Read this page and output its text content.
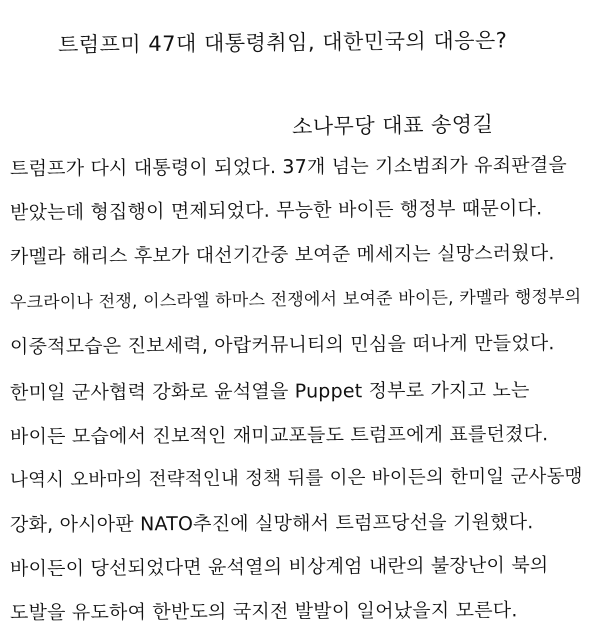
트럼프미 47대 대통령취임, 대한민국의 대응은?
소나무당 대표 송영길
트럼프가 다시 대통령이 되었다. 37개 넘는 기소범죄가 유죄판결을
받았는데 형집행이 면제되었다. 무능한 바이든 행정부 때문이다.
카멜라 해리스 후보가 대선기간중 보여준 메세지는 실망스러웠다.
우크라이나 전쟁, 이스라엘 하마스 전쟁에서 보여준 바이든, 카멜라 행정부의
이중적모습은 진보세력, 아랍커뮤니티의 민심을 떠나게 만들었다.
한미일 군사협력 강화로 윤석열을 Puppet 정부로 가지고 노는
바이든 모습에서 진보적인 재미교포들도 트럼프에게 표를던졌다.
나역시 오바마의 전략적인내 정책 뒤를 이은 바이든의 한미일 군사동맹
강화, 아시아판 NATO추진에 실망해서 트럼프당선을 기원했다.
바이든이 당선되었다면 윤석열의 비상계엄 내란의 불장난이 북의
도발을 유도하여 한반도의 국지전 발발이 일어났을지 모른다.
